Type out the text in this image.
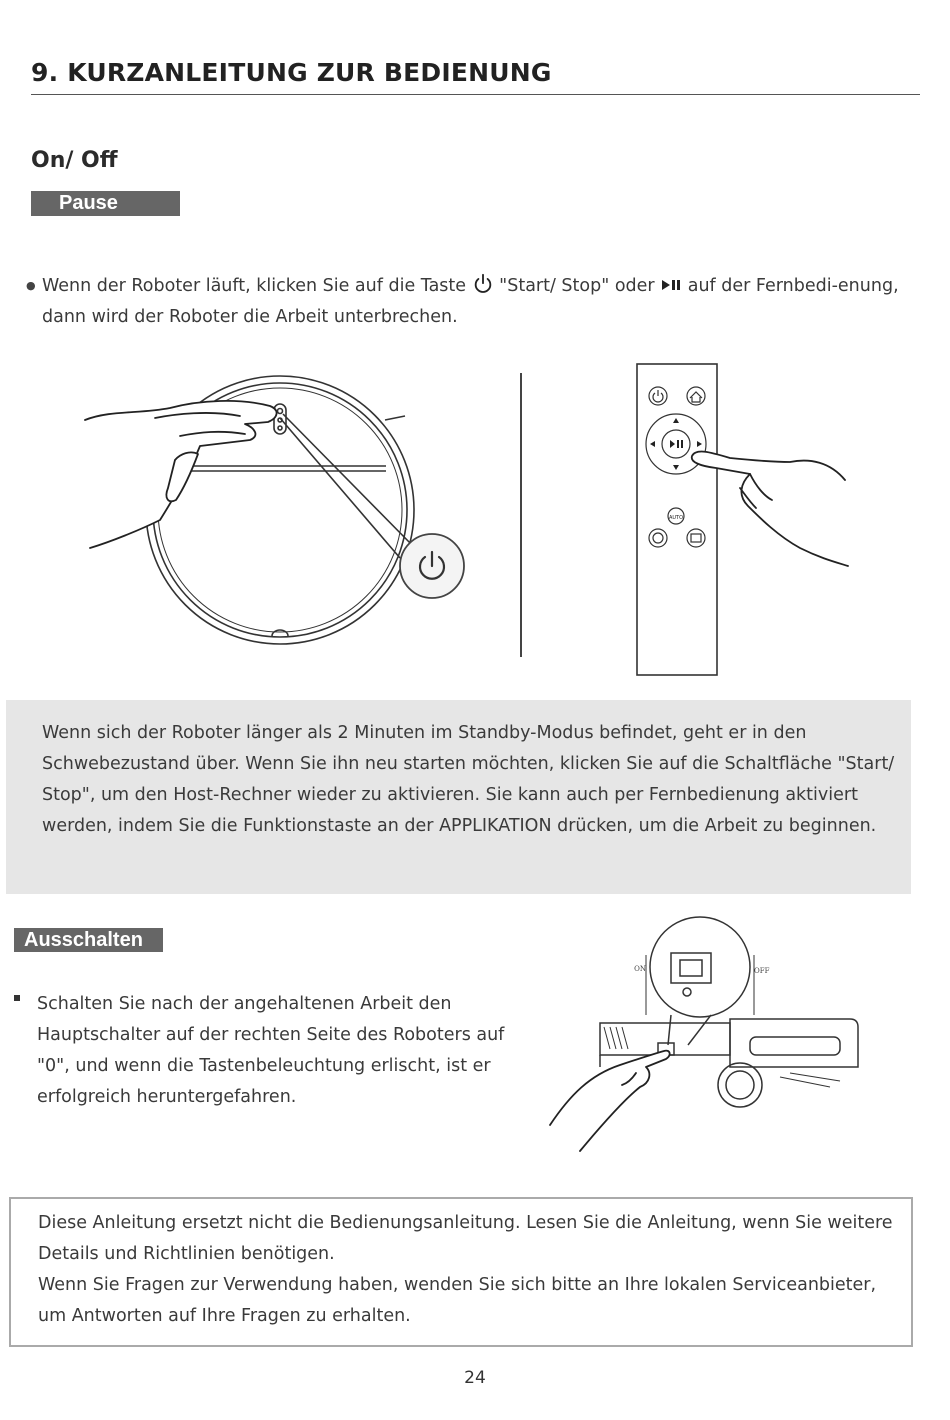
9. KURZANLEITUNG ZUR BEDIENUNG
On/ Off
Pause
● Wenn der Roboter läuft, klicken Sie auf die Taste  "Start/ Stop" oder  auf der Fernbedi-enung, dann wird der Roboter die Arbeit unterbrechen.
AUTO
Wenn sich der Roboter länger als 2 Minuten im Standby-Modus befindet, geht er in den Schwebezustand über. Wenn Sie ihn neu starten möchten, klicken Sie auf die Schaltfläche "Start/ Stop", um den Host-Rechner wieder zu aktivieren. Sie kann auch per Fernbedienung aktiviert werden, indem Sie die Funktionstaste an der APPLIKATION drücken, um die Arbeit zu beginnen.
Ausschalten
Schalten Sie nach der angehaltenen Arbeit den Hauptschalter auf der rechten Seite des Roboters auf "0", und wenn die Tastenbeleuchtung erlischt, ist er erfolgreich heruntergefahren.
ON	OFF

Diese Anleitung ersetzt nicht die Bedienungsanleitung. Lesen Sie die Anleitung, wenn Sie weitere Details und Richtlinien benötigen.

Wenn Sie Fragen zur Verwendung haben, wenden Sie sich bitte an Ihre lokalen Serviceanbieter, um Antworten auf Ihre Fragen zu erhalten.

24
